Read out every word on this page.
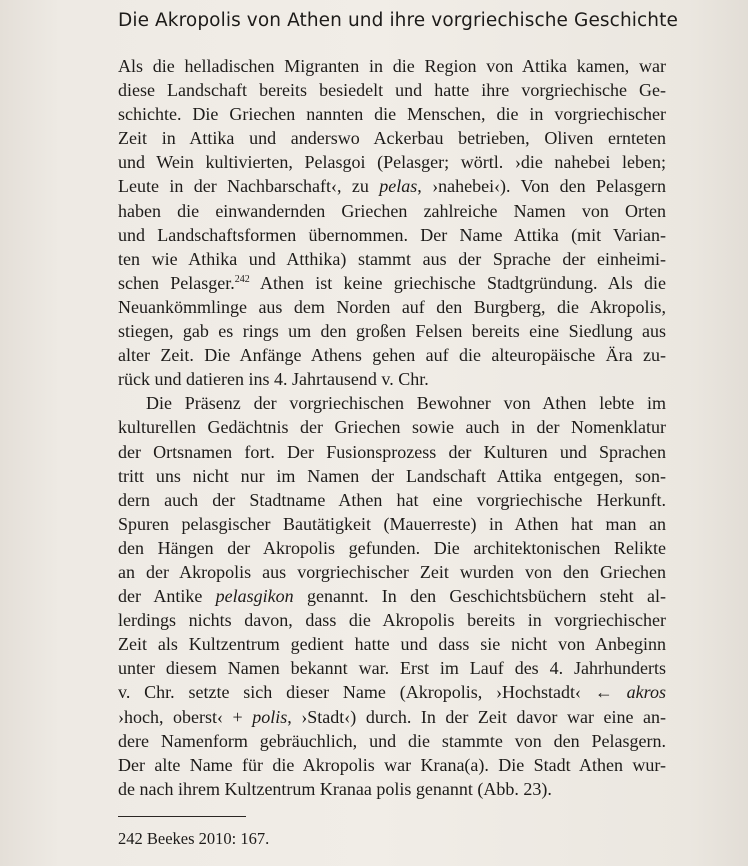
Die Akropolis von Athen und ihre vorgriechische Geschichte
Als die helladischen Migranten in die Region von Attika kamen, war
diese Landschaft bereits besiedelt und hatte ihre vorgriechische Ge-
schichte. Die Griechen nannten die Menschen, die in vorgriechischer
Zeit in Attika und anderswo Ackerbau betrieben, Oliven ernteten
und Wein kultivierten, Pelasgoi (Pelasger; wörtl. ›die nahebei leben;
Leute in der Nachbarschaft‹, zu pelas, ›nahebei‹). Von den Pelasgern
haben die einwandernden Griechen zahlreiche Namen von Orten
und Landschaftsformen übernommen. Der Name Attika (mit Varian-
ten wie Athika und Atthika) stammt aus der Sprache der einheimi-
schen Pelasger.$^{242}$ Athen ist keine griechische Stadtgründung. Als die
Neuankömmlinge aus dem Norden auf den Burgberg, die Akropolis,
stiegen, gab es rings um den großen Felsen bereits eine Siedlung aus
alter Zeit. Die Anfänge Athens gehen auf die alteuropäische Ära zu-
rück und datieren ins 4. Jahrtausend v. Chr.
Die Präsenz der vorgriechischen Bewohner von Athen lebte im
kulturellen Gedächtnis der Griechen sowie auch in der Nomenklatur
der Ortsnamen fort. Der Fusionsprozess der Kulturen und Sprachen
tritt uns nicht nur im Namen der Landschaft Attika entgegen, son-
dern auch der Stadtname Athen hat eine vorgriechische Herkunft.
Spuren pelasgischer Bautätigkeit (Mauerreste) in Athen hat man an
den Hängen der Akropolis gefunden. Die architektonischen Relikte
an der Akropolis aus vorgriechischer Zeit wurden von den Griechen
der Antike pelasgikon genannt. In den Geschichtsbüchern steht al-
lerdings nichts davon, dass die Akropolis bereits in vorgriechischer
Zeit als Kultzentrum gedient hatte und dass sie nicht von Anbeginn
unter diesem Namen bekannt war. Erst im Lauf des 4. Jahrhunderts
v. Chr. setzte sich dieser Name (Akropolis, ›Hochstadt‹ ← akros
›hoch, oberst‹ + polis, ›Stadt‹) durch. In der Zeit davor war eine an-
dere Namenform gebräuchlich, und die stammte von den Pelasgern.
Der alte Name für die Akropolis war Krana(a). Die Stadt Athen wur-
de nach ihrem Kultzentrum Kranaa polis genannt (Abb. 23).
242 Beekes 2010: 167.
